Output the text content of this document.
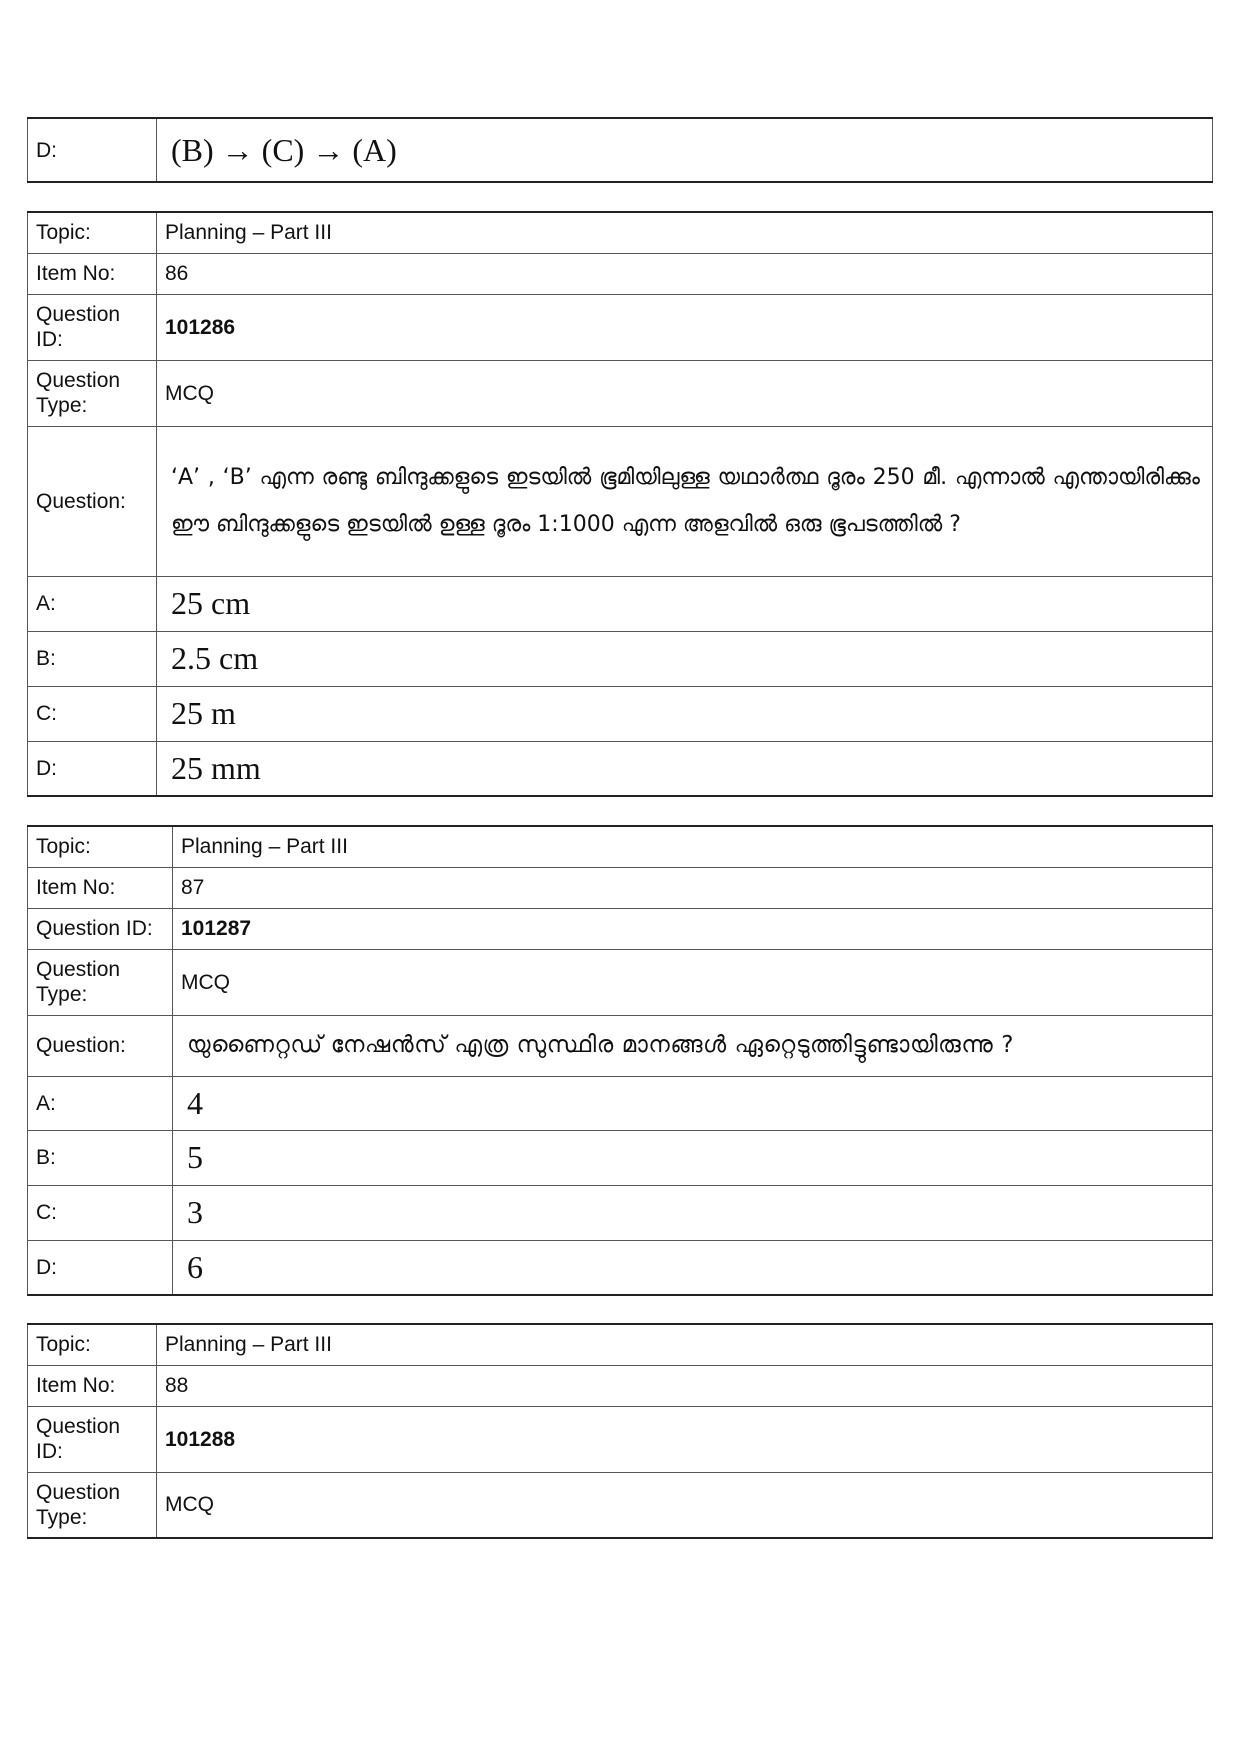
D:	(B) → (C) → (A)
Topic:	Planning – Part III
Item No:	86
Question ID:	101286
Question Type:	MCQ
Question:	‘A’ , ‘B’ എന്ന രണ്ടു ബിന്ദുക്കളുടെ ഇടയിൽ ഭൂമിയിലുള്ള യഥാർത്ഥ ദൂരം 250 മീ. എന്നാൽ എന്തായിരിക്കും ഈ ബിന്ദുക്കളുടെ ഇടയിൽ ഉള്ള ദൂരം 1:1000 എന്ന അളവിൽ ഒരു ഭൂപടത്തിൽ ?
A:	25 cm
B:	2.5 cm
C:	25 m
D:	25 mm
Topic:	Planning – Part III
Item No:	87
Question ID:	101287
Question Type:	MCQ
Question:	യുണൈറ്റഡ് നേഷൻസ് എത്ര സുസ്ഥിര മാനങ്ങൾ ഏറ്റെടുത്തിട്ടുണ്ടായിരുന്നു ?
A:	4
B:	5
C:	3
D:	6
Topic:	Planning – Part III
Item No:	88
Question ID:	101288
Question Type:	MCQ
